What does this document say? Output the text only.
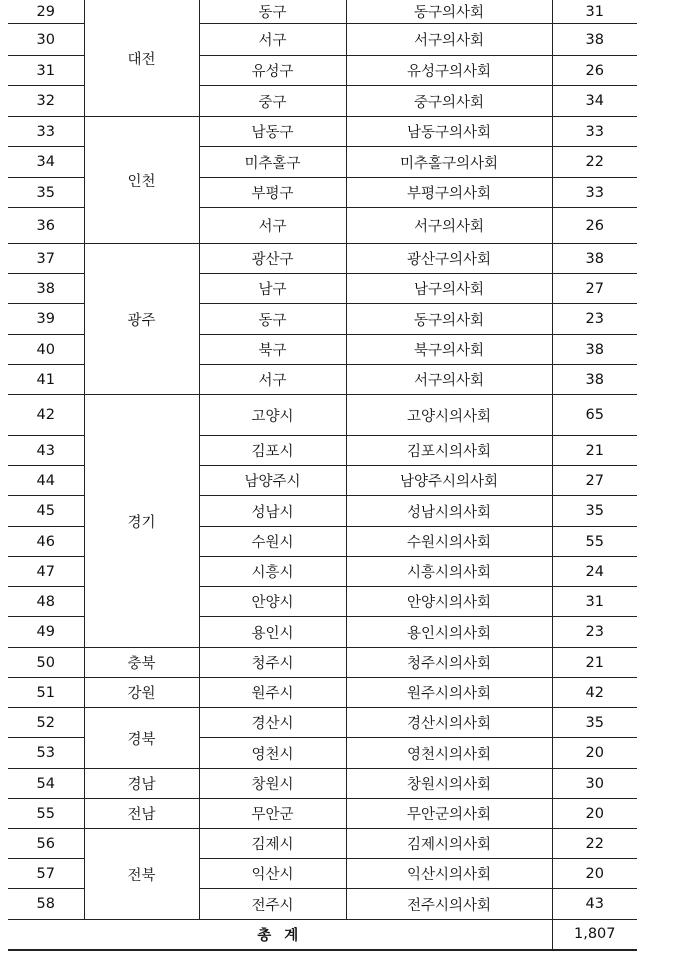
29	대전	동구	동구의사회	31
30		서구	서구의사회	38
31		유성구	유성구의사회	26
32		중구	중구의사회	34
33	인천	남동구	남동구의사회	33
34		미추홀구	미추홀구의사회	22
35		부평구	부평구의사회	33
36		서구	서구의사회	26
37	광주	광산구	광산구의사회	38
38		남구	남구의사회	27
39		동구	동구의사회	23
40		북구	북구의사회	38
41		서구	서구의사회	38
42	경기	고양시	고양시의사회	65
43		김포시	김포시의사회	21
44		남양주시	남양주시의사회	27
45		성남시	성남시의사회	35
46		수원시	수원시의사회	55
47		시흥시	시흥시의사회	24
48		안양시	안양시의사회	31
49		용인시	용인시의사회	23
50	충북	청주시	청주시의사회	21
51	강원	원주시	원주시의사회	42
52	경북	경산시	경산시의사회	35
53		영천시	영천시의사회	20
54	경남	창원시	창원시의사회	30
55	전남	무안군	무안군의사회	20
56	전북	김제시	김제시의사회	22
57		익산시	익산시의사회	20
58		전주시	전주시의사회	43
총 계				1,807
